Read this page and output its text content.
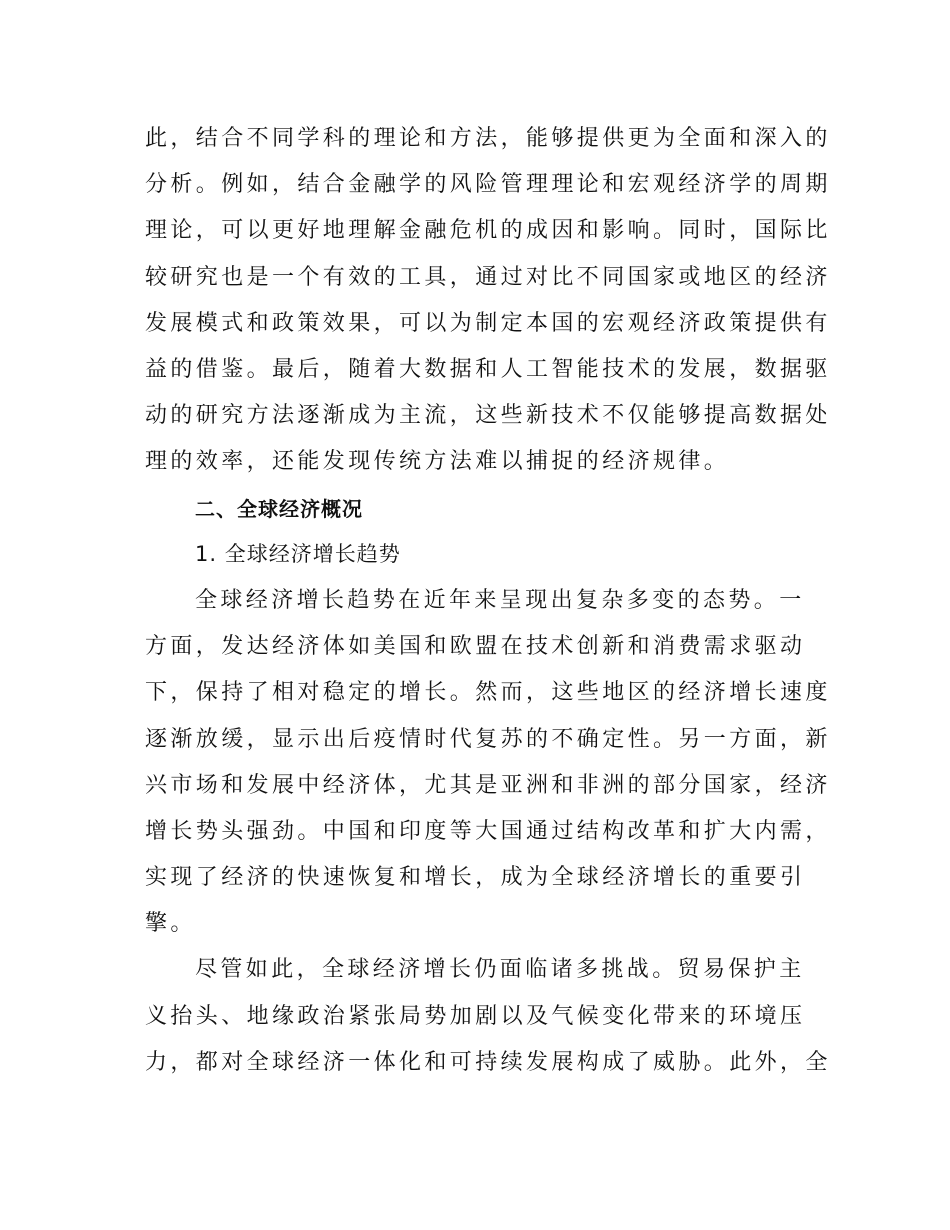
此，结合不同学科的理论和方法，能够提供更为全面和深入的
分析。例如，结合金融学的风险管理理论和宏观经济学的周期
理论，可以更好地理解金融危机的成因和影响。同时，国际比
较研究也是一个有效的工具，通过对比不同国家或地区的经济
发展模式和政策效果，可以为制定本国的宏观经济政策提供有
益的借鉴。最后，随着大数据和人工智能技术的发展，数据驱
动的研究方法逐渐成为主流，这些新技术不仅能够提高数据处
理的效率，还能发现传统方法难以捕捉的经济规律。
二、全球经济概况
1. 全球经济增长趋势
全球经济增长趋势在近年来呈现出复杂多变的态势。一
方面，发达经济体如美国和欧盟在技术创新和消费需求驱动
下，保持了相对稳定的增长。然而，这些地区的经济增长速度
逐渐放缓，显示出后疫情时代复苏的不确定性。另一方面，新
兴市场和发展中经济体，尤其是亚洲和非洲的部分国家，经济
增长势头强劲。中国和印度等大国通过结构改革和扩大内需，
实现了经济的快速恢复和增长，成为全球经济增长的重要引
擎。
尽管如此，全球经济增长仍面临诸多挑战。贸易保护主
义抬头、地缘政治紧张局势加剧以及气候变化带来的环境压
力，都对全球经济一体化和可持续发展构成了威胁。此外，全
